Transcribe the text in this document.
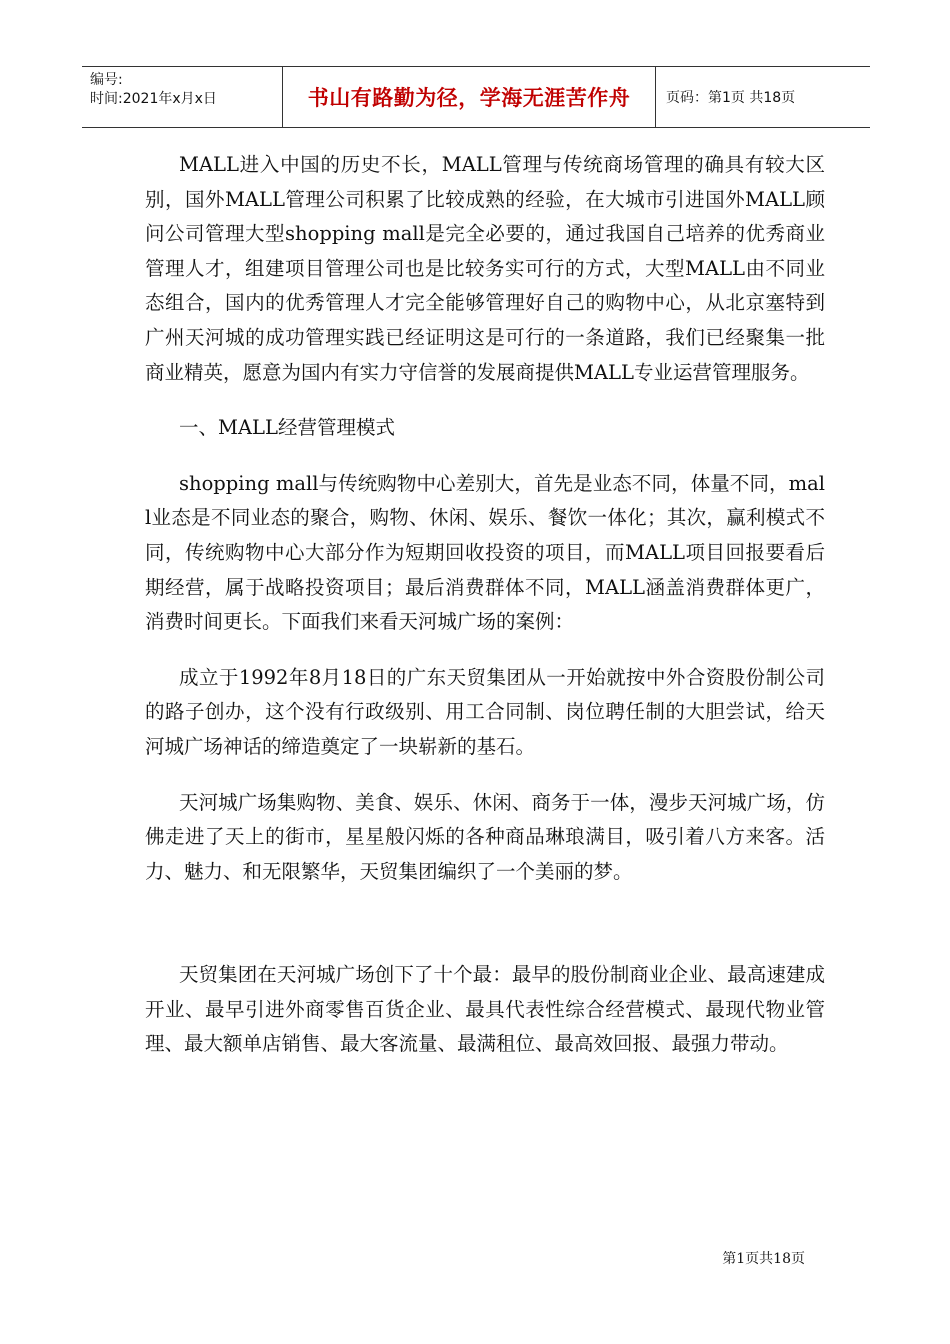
编号:
时间:2021年x月x日	书山有路勤为径，学海无涯苦作舟	页码：第1页 共18页

MALL进入中国的历史不长，MALL管理与传统商场管理的确具有较大区别，国外MALL管理公司积累了比较成熟的经验，在大城市引进国外MALL顾问公司管理大型shopping mall是完全必要的，通过我国自己培养的优秀商业管理人才，组建项目管理公司也是比较务实可行的方式，大型MALL由不同业态组合，国内的优秀管理人才完全能够管理好自己的购物中心，从北京塞特到广州天河城的成功管理实践已经证明这是可行的一条道路，我们已经聚集一批商业精英，愿意为国内有实力守信誉的发展商提供MALL专业运营管理服务。

一、MALL经营管理模式

shopping mall与传统购物中心差别大，首先是业态不同，体量不同，mall业态是不同业态的聚合，购物、休闲、娱乐、餐饮一体化；其次，赢利模式不同，传统购物中心大部分作为短期回收投资的项目，而MALL项目回报要看后期经营，属于战略投资项目；最后消费群体不同，MALL涵盖消费群体更广，消费时间更长。下面我们来看天河城广场的案例：

成立于1992年8月18日的广东天贸集团从一开始就按中外合资股份制公司的路子创办，这个没有行政级别、用工合同制、岗位聘任制的大胆尝试，给天河城广场神话的缔造奠定了一块崭新的基石。

天河城广场集购物、美食、娱乐、休闲、商务于一体，漫步天河城广场，仿佛走进了天上的街市，星星般闪烁的各种商品琳琅满目，吸引着八方来客。活力、魅力、和无限繁华，天贸集团编织了一个美丽的梦。

天贸集团在天河城广场创下了十个最：最早的股份制商业企业、最高速建成开业、最早引进外商零售百货企业、最具代表性综合经营模式、最现代物业管理、最大额单店销售、最大客流量、最满租位、最高效回报、最强力带动。

第1页共18页
